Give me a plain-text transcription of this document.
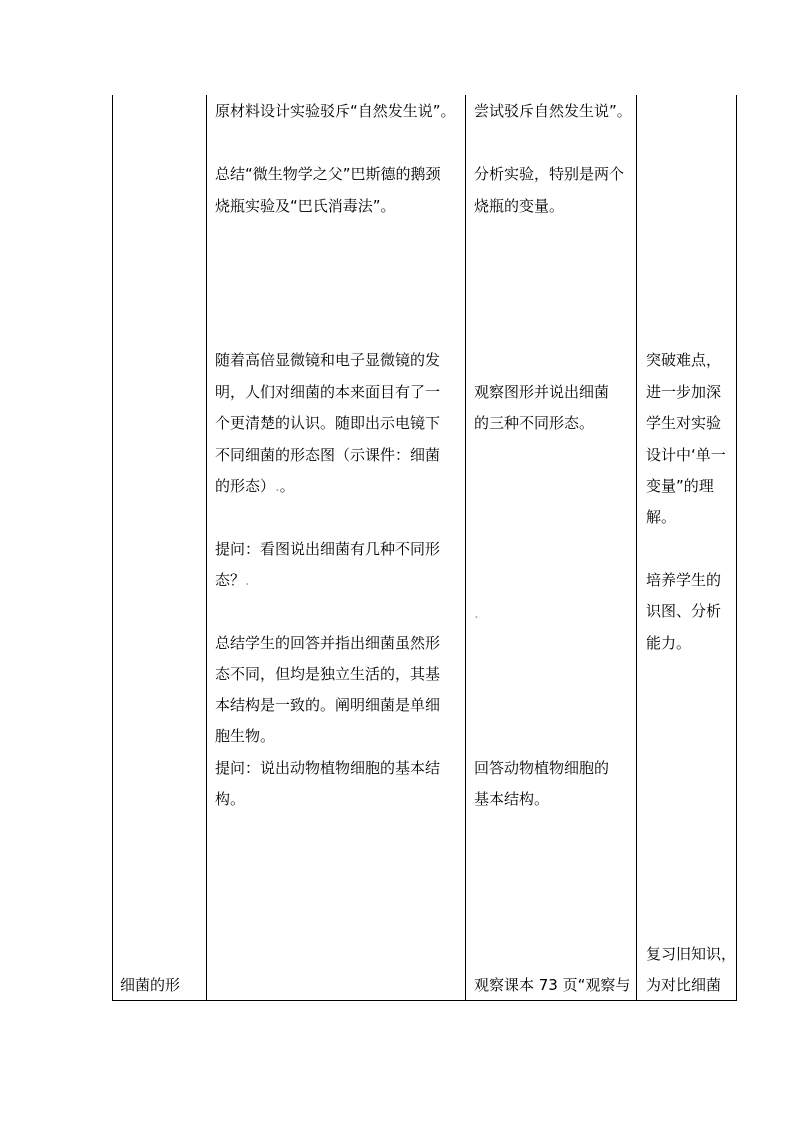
细菌的形

原材料设计实验驳斥“自然发生说”。

总结“微生物学之父”巴斯德的鹅颈

烧瓶实验及“巴氏消毒法”。

随着高倍显微镜和电子显微镜的发

明，人们对细菌的本来面目有了一

个更清楚的认识。随即出示电镜下

不同细菌的形态图（示课件：细菌

的形态）.。

提问：看图说出细菌有几种不同形

态？.

总结学生的回答并指出细菌虽然形

态不同，但均是独立生活的，其基

本结构是一致的。阐明细菌是单细

胞生物。

提问：说出动物植物细胞的基本结

构。

尝试驳斥自然发生说”。

分析实验，特别是两个

烧瓶的变量。

观察图形并说出细菌

的三种不同形态。

.

回答动物植物细胞的

基本结构。

观察课本 73 页“观察与

突破难点，

进一步加深

学生对实验

设计中‘单一

变量”的理

解。

培养学生的

识图、分析

能力。

复习旧知识，

为对比细菌
